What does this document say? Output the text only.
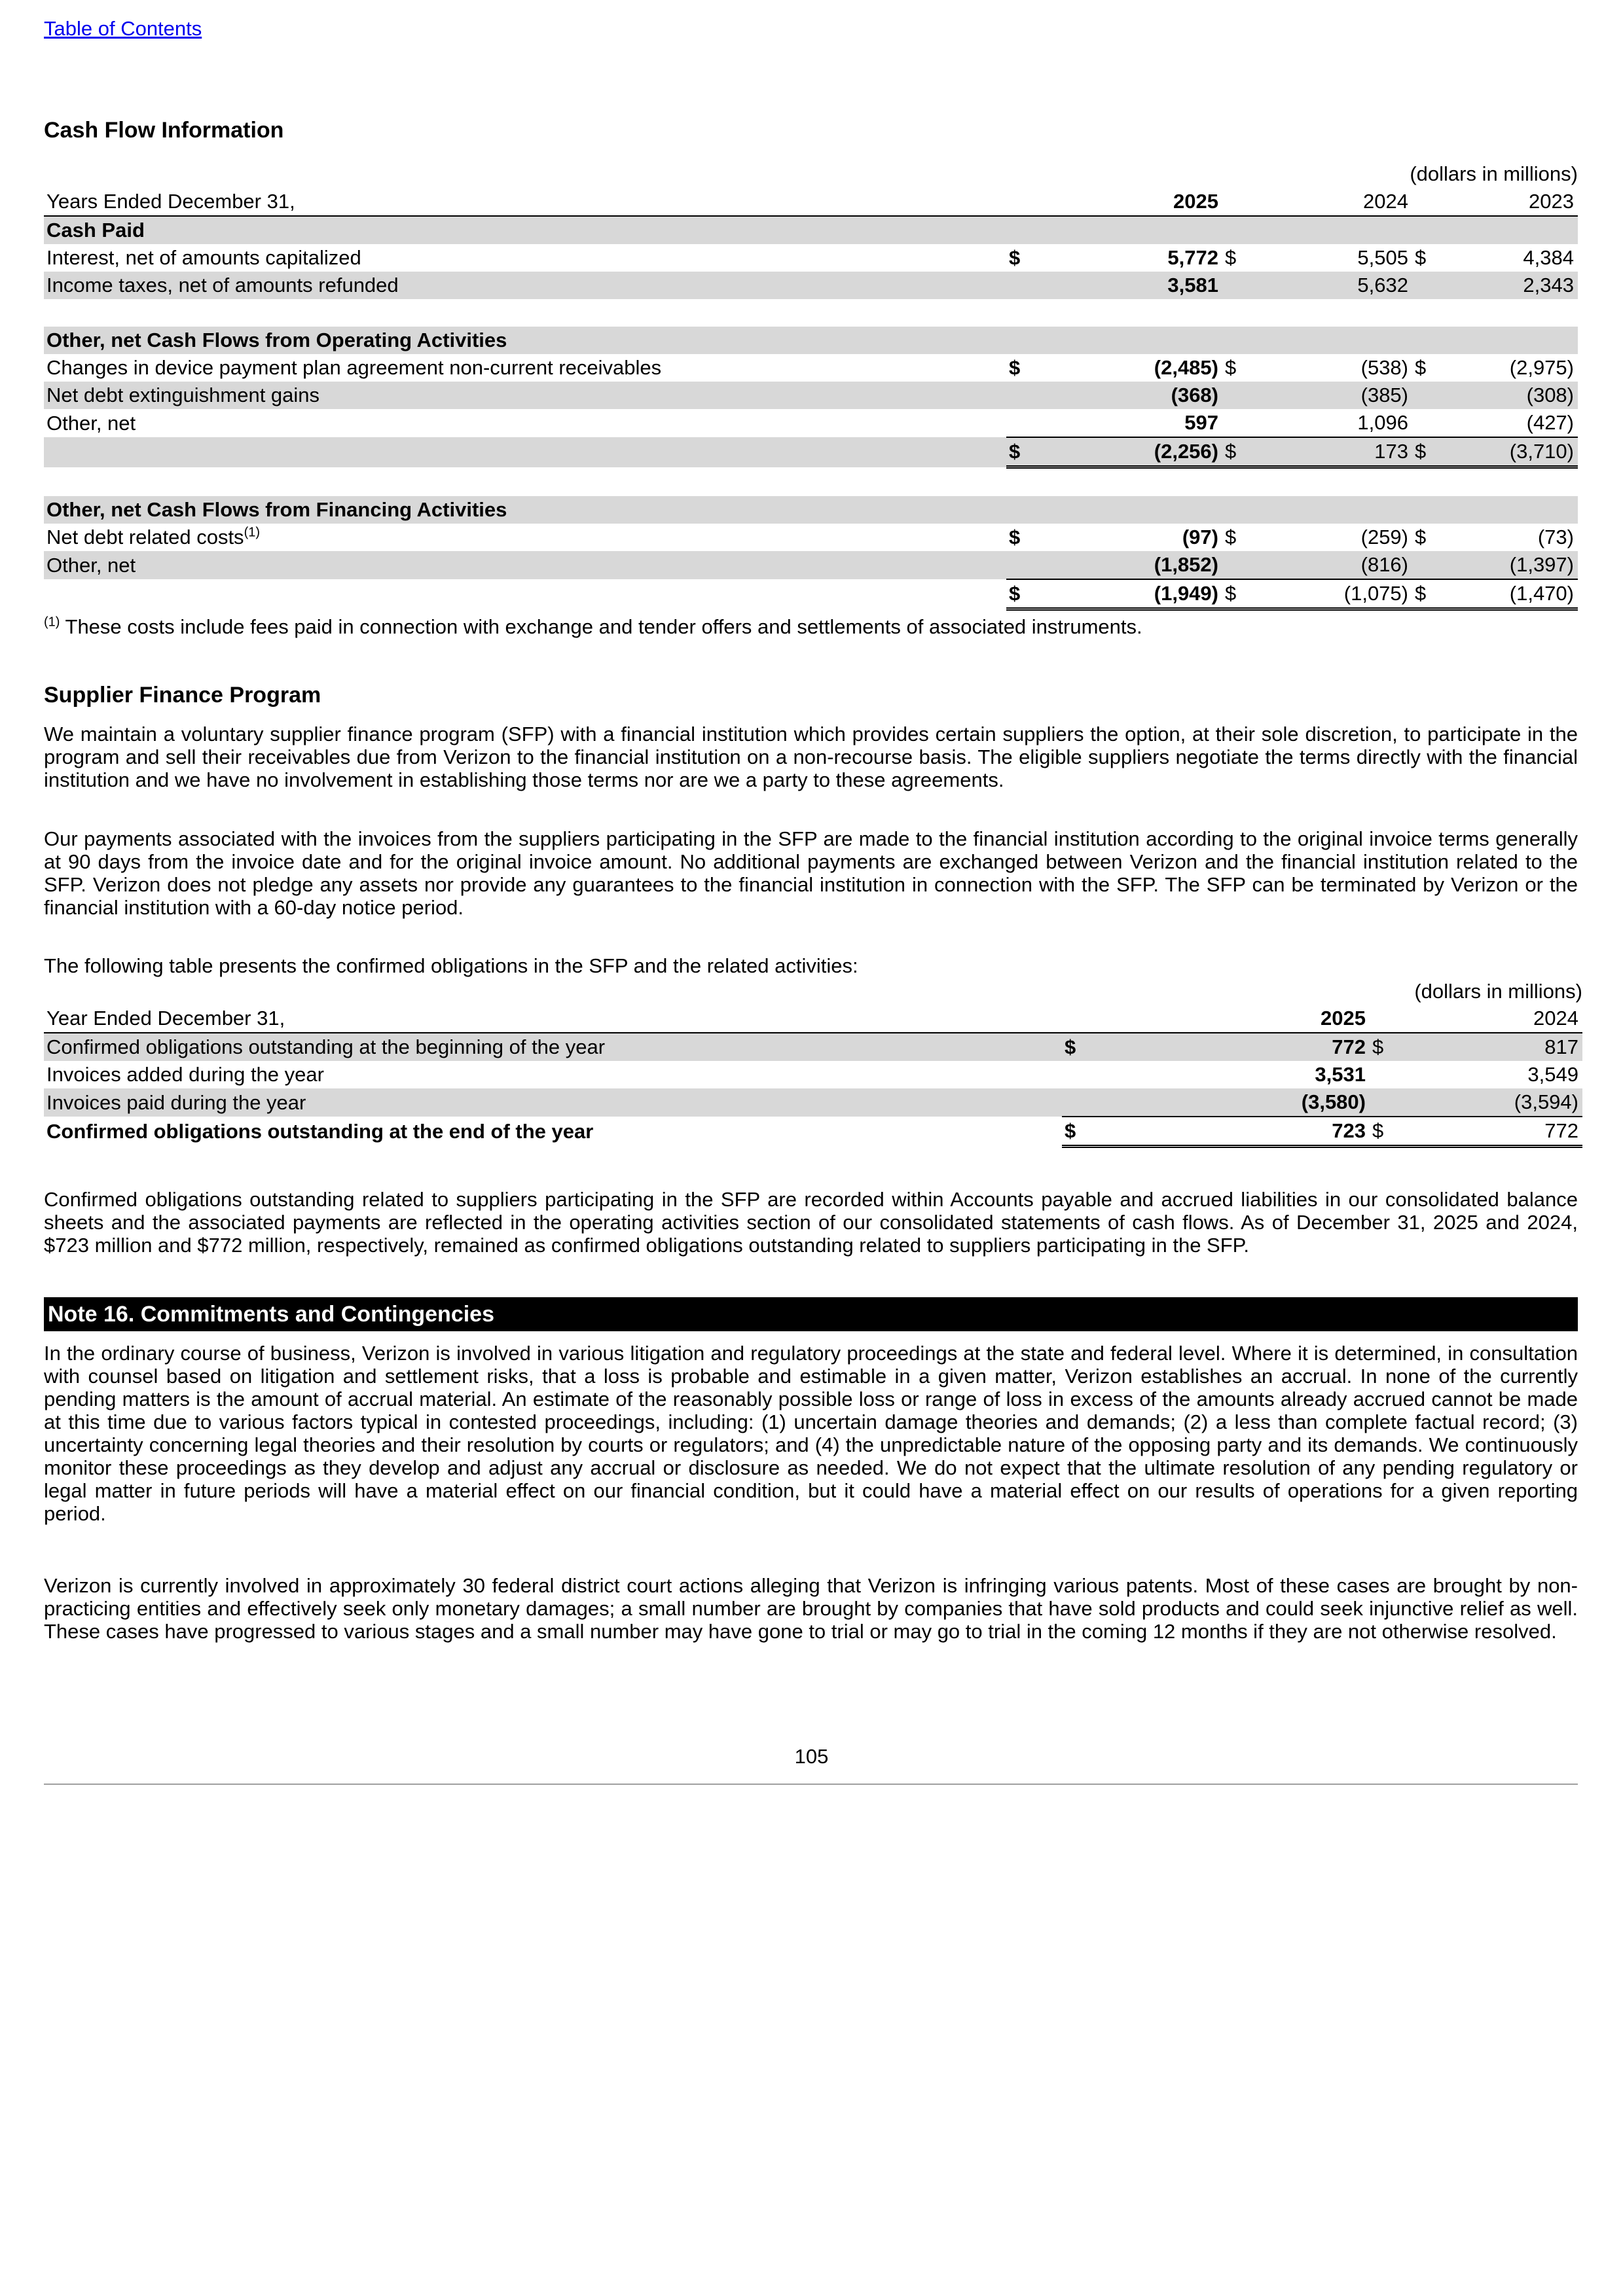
Table of Contents
Cash Flow Information
(dollars in millions)
Years Ended December 31,		2025		2024		2023
Cash Paid						
Interest, net of amounts capitalized	$	5,772	$	5,505	$	4,384
Income taxes, net of amounts refunded		3,581		5,632		2,343

Other, net Cash Flows from Operating Activities						
Changes in device payment plan agreement non-current receivables	$	(2,485)	$	(538)	$	(2,975)
Net debt extinguishment gains		(368)		(385)		(308)
Other, net		597		1,096		(427)
	$	(2,256)	$	173	$	(3,710)

Other, net Cash Flows from Financing Activities						
Net debt related costs$^{(1)}$	$	(97)	$	(259)	$	(73)
Other, net		(1,852)		(816)		(1,397)
	$	(1,949)	$	(1,075)	$	(1,470)
$^{(1)}$ These costs include fees paid in connection with exchange and tender offers and settlements of associated instruments.
Supplier Finance Program
We maintain a voluntary supplier finance program (SFP) with a financial institution which provides certain suppliers the option, at their sole discretion, to participate in the program and sell their receivables due from Verizon to the financial institution on a non-recourse basis. The eligible suppliers negotiate the terms directly with the financial institution and we have no involvement in establishing those terms nor are we a party to these agreements.
Our payments associated with the invoices from the suppliers participating in the SFP are made to the financial institution according to the original invoice terms generally at 90 days from the invoice date and for the original invoice amount. No additional payments are exchanged between Verizon and the financial institution related to the SFP. Verizon does not pledge any assets nor provide any guarantees to the financial institution in connection with the SFP. The SFP can be terminated by Verizon or the financial institution with a 60-day notice period.
The following table presents the confirmed obligations in the SFP and the related activities:
(dollars in millions)
Year Ended December 31,		2025		2024
Confirmed obligations outstanding at the beginning of the year	$	772	$	817
Invoices added during the year		3,531		3,549
Invoices paid during the year		(3,580)		(3,594)
Confirmed obligations outstanding at the end of the year	$	723	$	772
Confirmed obligations outstanding related to suppliers participating in the SFP are recorded within Accounts payable and accrued liabilities in our consolidated balance sheets and the associated payments are reflected in the operating activities section of our consolidated statements of cash flows. As of December 31, 2025 and 2024, $723 million and $772 million, respectively, remained as confirmed obligations outstanding related to suppliers participating in the SFP.
Note 16. Commitments and Contingencies
In the ordinary course of business, Verizon is involved in various litigation and regulatory proceedings at the state and federal level. Where it is determined, in consultation with counsel based on litigation and settlement risks, that a loss is probable and estimable in a given matter, Verizon establishes an accrual. In none of the currently pending matters is the amount of accrual material. An estimate of the reasonably possible loss or range of loss in excess of the amounts already accrued cannot be made at this time due to various factors typical in contested proceedings, including: (1) uncertain damage theories and demands; (2) a less than complete factual record; (3) uncertainty concerning legal theories and their resolution by courts or regulators; and (4) the unpredictable nature of the opposing party and its demands. We continuously monitor these proceedings as they develop and adjust any accrual or disclosure as needed. We do not expect that the ultimate resolution of any pending regulatory or legal matter in future periods will have a material effect on our financial condition, but it could have a material effect on our results of operations for a given reporting period.
Verizon is currently involved in approximately 30 federal district court actions alleging that Verizon is infringing various patents. Most of these cases are brought by non-practicing entities and effectively seek only monetary damages; a small number are brought by companies that have sold products and could seek injunctive relief as well. These cases have progressed to various stages and a small number may have gone to trial or may go to trial in the coming 12 months if they are not otherwise resolved.
105
